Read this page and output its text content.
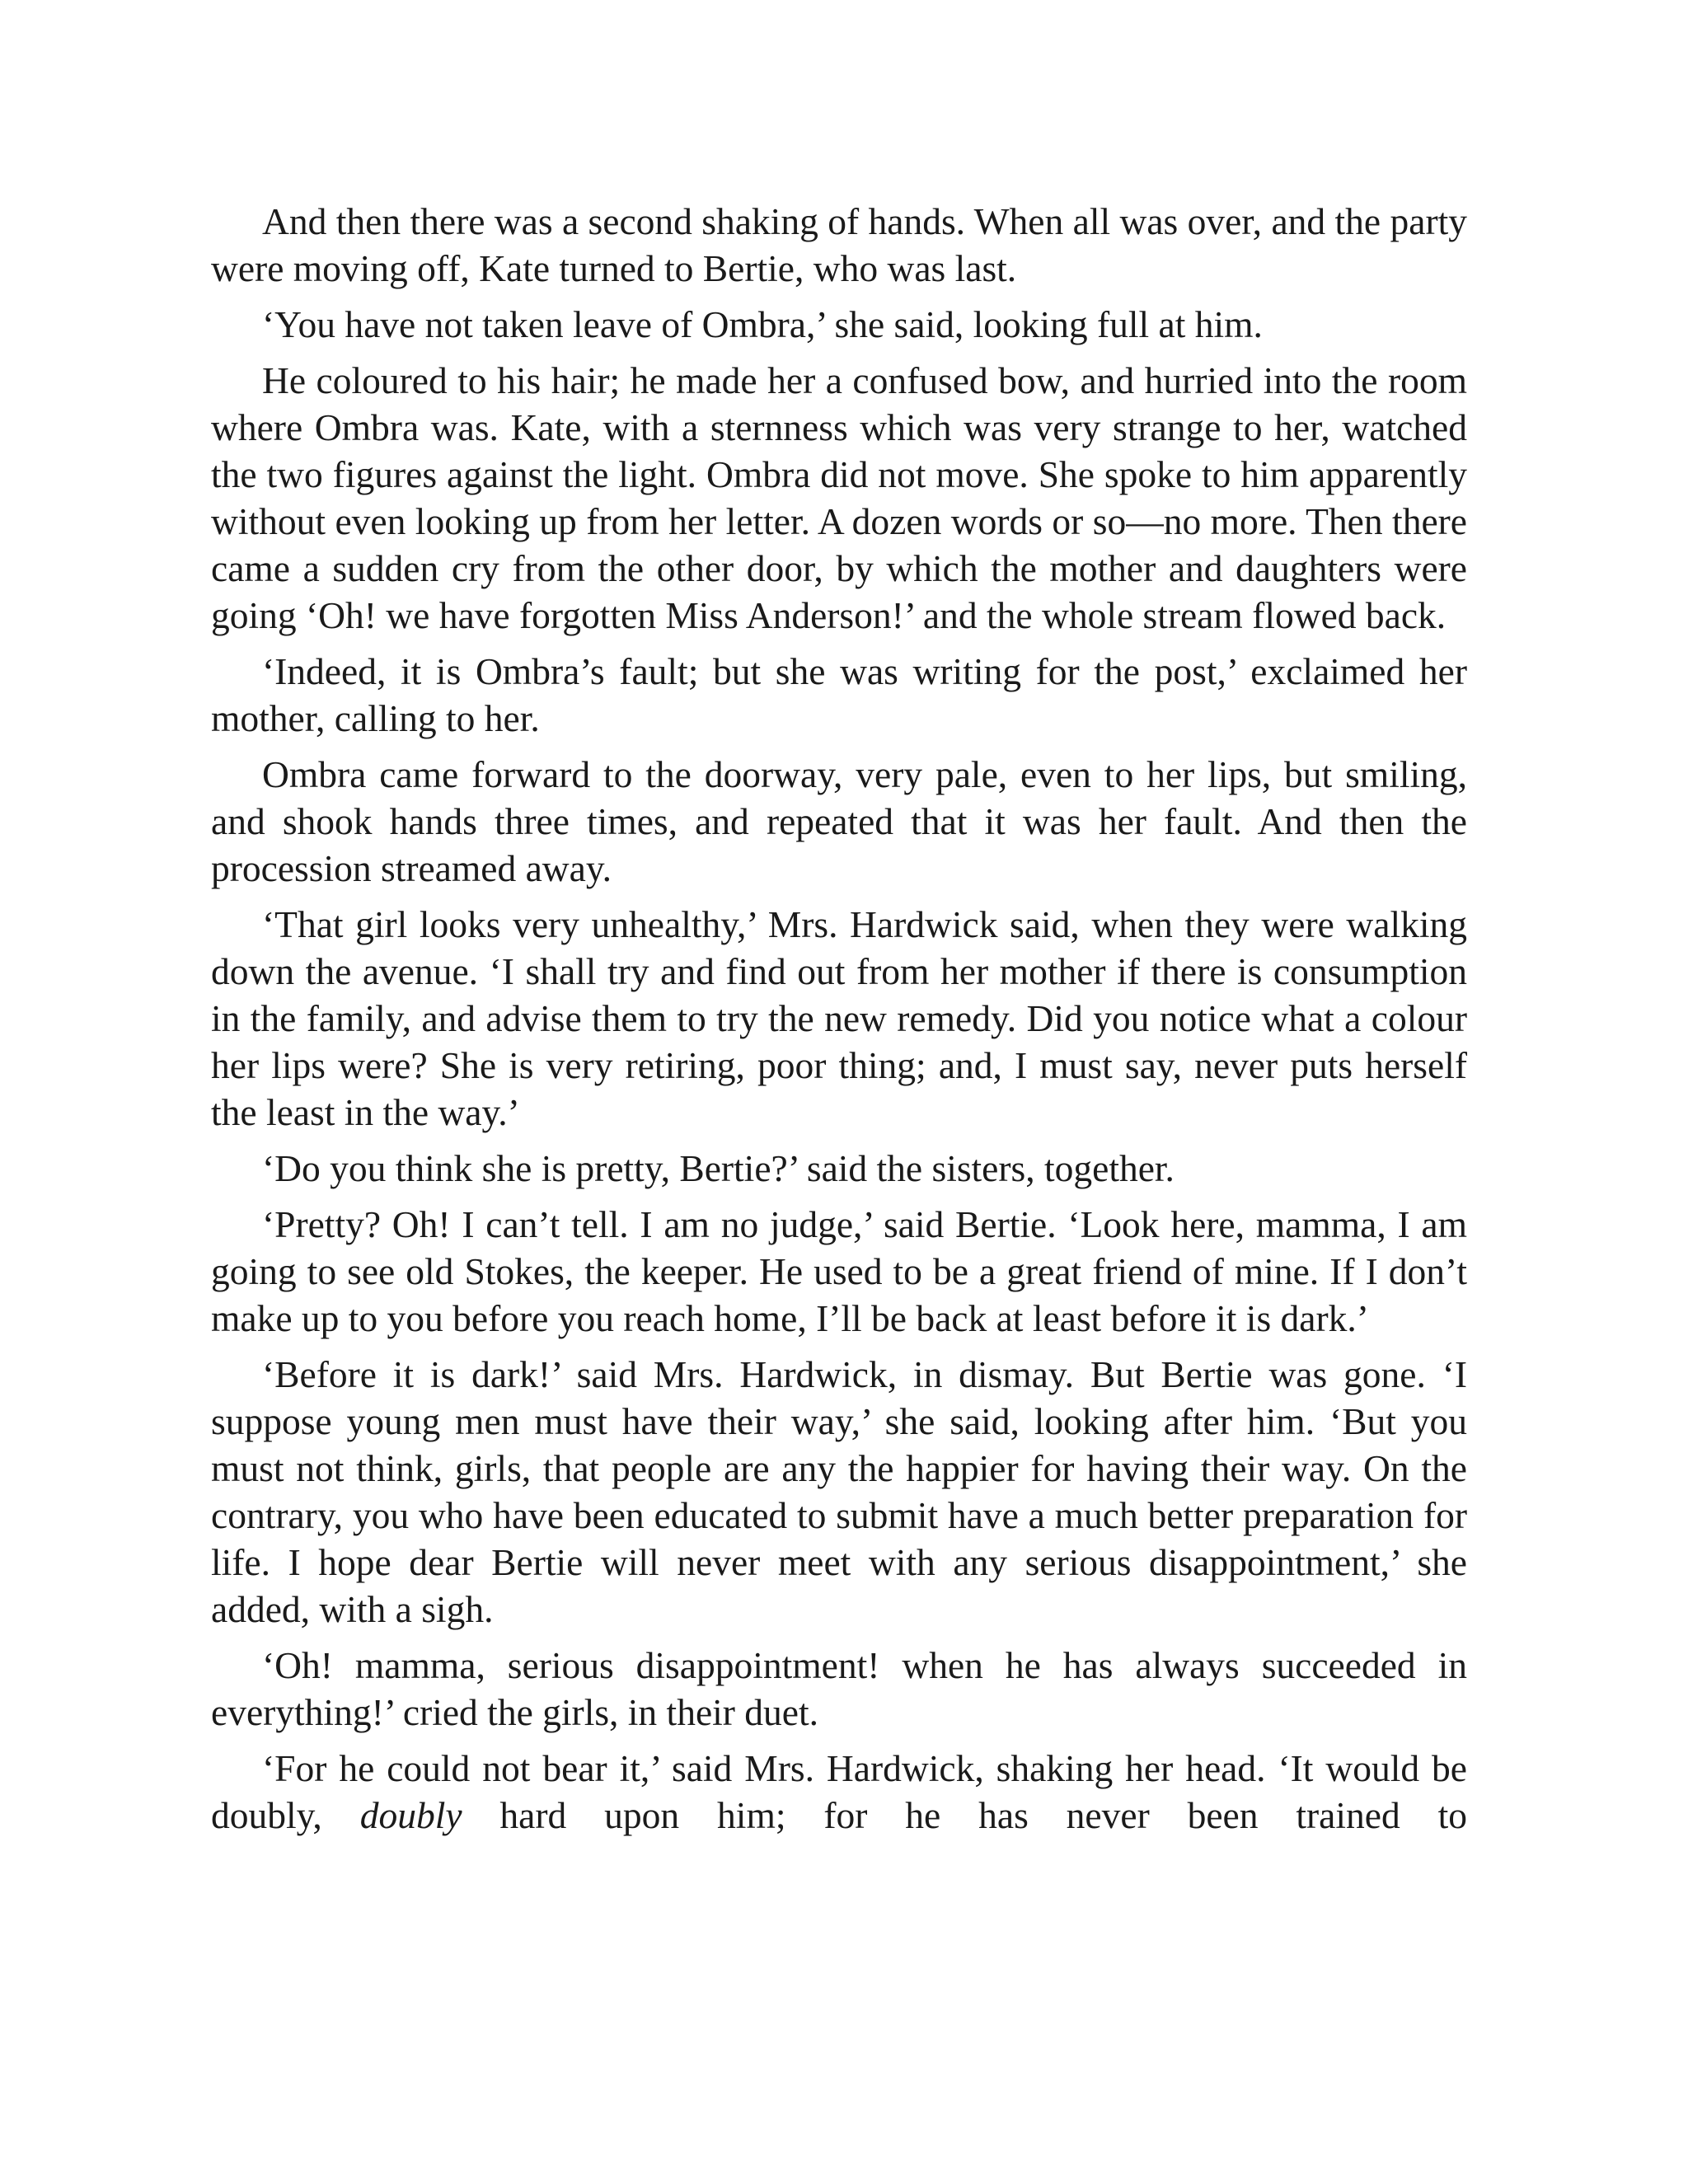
And then there was a second shaking of hands. When all was over, and the party were moving off, Kate turned to Bertie, who was last.

‘You have not taken leave of Ombra,’ she said, looking full at him.

He coloured to his hair; he made her a confused bow, and hurried into the room where Ombra was. Kate, with a sternness which was very strange to her, watched the two figures against the light. Ombra did not move. She spoke to him apparently without even looking up from her letter. A dozen words or so—no more. Then there came a sudden cry from the other door, by which the mother and daughters were going ‘Oh! we have forgotten Miss Anderson!’ and the whole stream flowed back.

‘Indeed, it is Ombra’s fault; but she was writing for the post,’ exclaimed her mother, calling to her.

Ombra came forward to the doorway, very pale, even to her lips, but smiling, and shook hands three times, and repeated that it was her fault. And then the procession streamed away.

‘That girl looks very unhealthy,’ Mrs. Hardwick said, when they were walking down the avenue. ‘I shall try and find out from her mother if there is consumption in the family, and advise them to try the new remedy. Did you notice what a colour her lips were? She is very retiring, poor thing; and, I must say, never puts herself the least in the way.’

‘Do you think she is pretty, Bertie?’ said the sisters, together.

‘Pretty? Oh! I can’t tell. I am no judge,’ said Bertie. ‘Look here, mamma, I am going to see old Stokes, the keeper. He used to be a great friend of mine. If I don’t make up to you before you reach home, I’ll be back at least before it is dark.’

‘Before it is dark!’ said Mrs. Hardwick, in dismay. But Bertie was gone. ‘I suppose young men must have their way,’ she said, looking after him. ‘But you must not think, girls, that people are any the happier for having their way. On the contrary, you who have been educated to submit have a much better preparation for life. I hope dear Bertie will never meet with any serious disappointment,’ she added, with a sigh.

‘Oh! mamma, serious disappointment! when he has always succeeded in everything!’ cried the girls, in their duet.

‘For he could not bear it,’ said Mrs. Hardwick, shaking her head. ‘It would be doubly, doubly hard upon him; for he has never been trained to
